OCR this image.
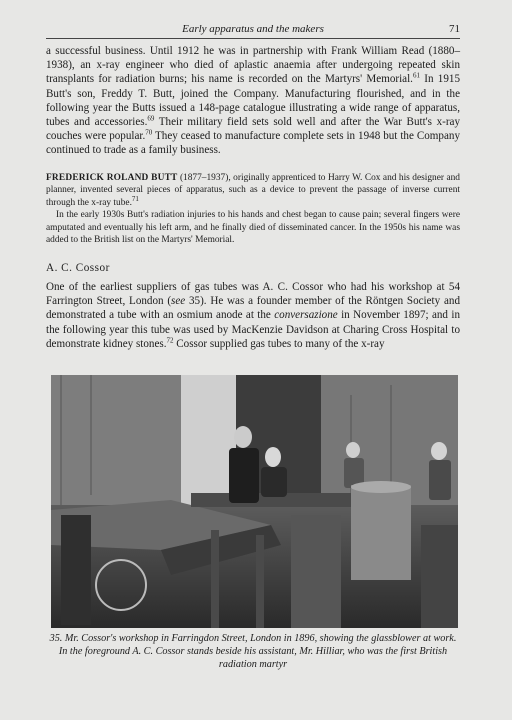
Early apparatus and the makers	71

a successful business. Until 1912 he was in partnership with Frank William Read (1880–1938), an x-ray engineer who died of aplastic anaemia after undergoing repeated skin transplants for radiation burns; his name is recorded on the Martyrs' Memorial.$^{61}$ In 1915 Butt's son, Freddy T. Butt, joined the Company. Manufacturing flourished, and in the following year the Butts issued a 148-page catalogue illustrating a wide range of apparatus, tubes and accessories.$^{69}$ Their military field sets sold well and after the War Butt's x-ray couches were popular.$^{70}$ They ceased to manufacture complete sets in 1948 but the Company continued to trade as a family business.

FREDERICK ROLAND BUTT (1877–1937), originally apprenticed to Harry W. Cox and his designer and planner, invented several pieces of apparatus, such as a device to prevent the passage of inverse current through the x-ray tube.$^{71}$

In the early 1930s Butt's radiation injuries to his hands and chest began to cause pain; several fingers were amputated and eventually his left arm, and he finally died of disseminated cancer. In the 1950s his name was added to the British list on the Martyrs' Memorial.

A. C. Cossor

One of the earliest suppliers of gas tubes was A. C. Cossor who had his workshop at 54 Farrington Street, London (see 35). He was a founder member of the Röntgen Society and demonstrated a tube with an osmium anode at the conversazione in November 1897; and in the following year this tube was used by MacKenzie Davidson at Charing Cross Hospital to demonstrate kidney stones.$^{72}$ Cossor supplied gas tubes to many of the x-ray

35. Mr. Cossor's workshop in Farringdon Street, London in 1896, showing the glassblower at work. In the foreground A. C. Cossor stands beside his assistant, Mr. Hilliar, who was the first British radiation martyr
